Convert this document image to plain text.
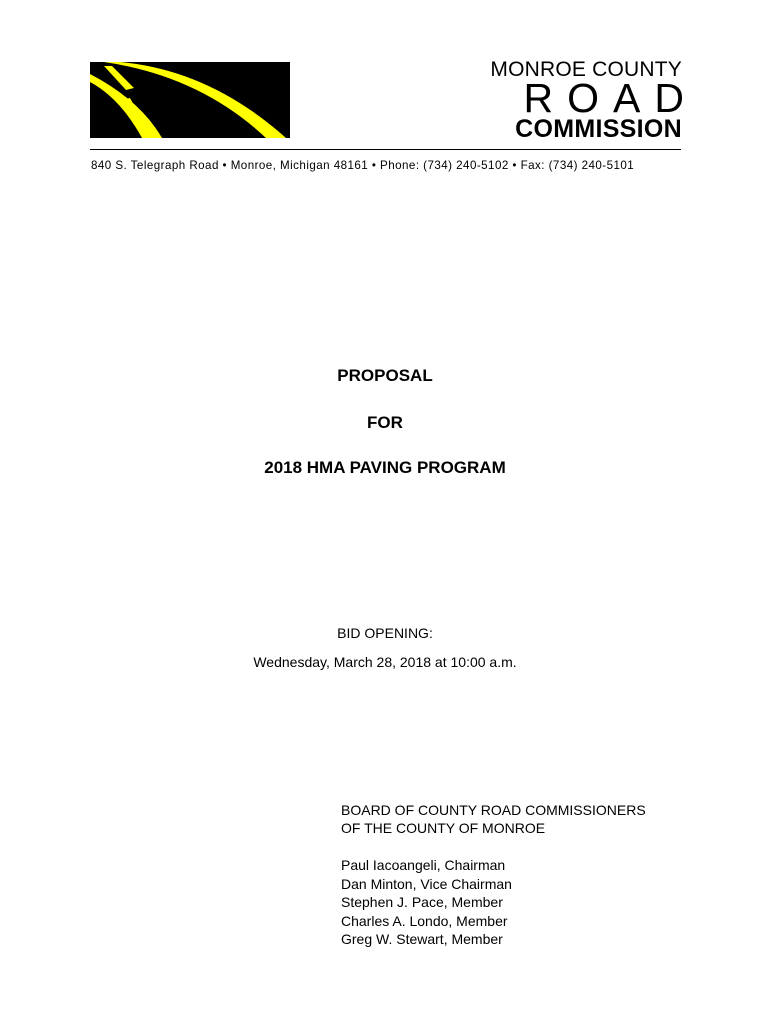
MONROE COUNTY
ROAD
COMMISSION
840 S. Telegraph Road • Monroe, Michigan 48161 • Phone: (734) 240-5102 • Fax: (734) 240-5101
PROPOSAL
FOR
2018 HMA PAVING PROGRAM
BID OPENING:
Wednesday, March 28, 2018 at 10:00 a.m.
BOARD OF COUNTY ROAD COMMISSIONERS
OF THE COUNTY OF MONROE
Paul Iacoangeli, Chairman
Dan Minton, Vice Chairman
Stephen J. Pace, Member
Charles A. Londo, Member
Greg W. Stewart, Member
